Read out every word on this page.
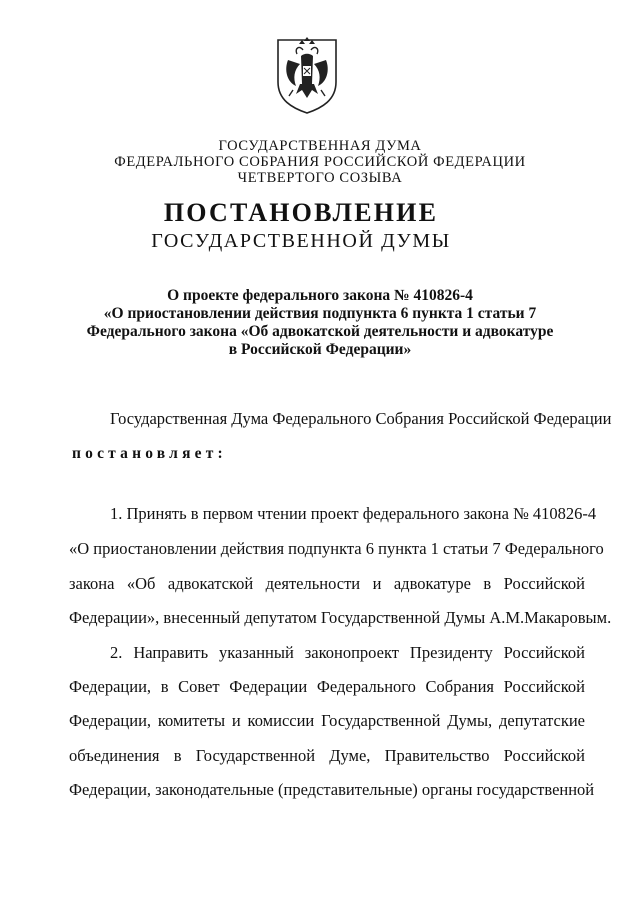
ГОСУДАРСТВЕННАЯ ДУМА
ФЕДЕРАЛЬНОГО СОБРАНИЯ РОССИЙСКОЙ ФЕДЕРАЦИИ
ЧЕТВЕРТОГО СОЗЫВА
ПОСТАНОВЛЕНИЕ
ГОСУДАРСТВЕННОЙ ДУМЫ
О проекте федерального закона № 410826-4
«О приостановлении действия подпункта 6 пункта 1 статьи 7
Федерального закона «Об адвокатской деятельности и адвокатуре
в Российской Федерации»
Государственная Дума Федерального Собрания Российской Федерации
постановляет:
1. Принять в первом чтении проект федерального закона № 410826-4
«О приостановлении действия подпункта 6 пункта 1 статьи 7 Федерального
закона «Об адвокатской деятельности и адвокатуре в Российской
Федерации», внесенный депутатом Государственной Думы А.М.Макаровым.
2. Направить указанный законопроект Президенту Российской
Федерации, в Совет Федерации Федерального Собрания Российской
Федерации, комитеты и комиссии Государственной Думы, депутатские
объединения в Государственной Думе, Правительство Российской
Федерации, законодательные (представительные) органы государственной
